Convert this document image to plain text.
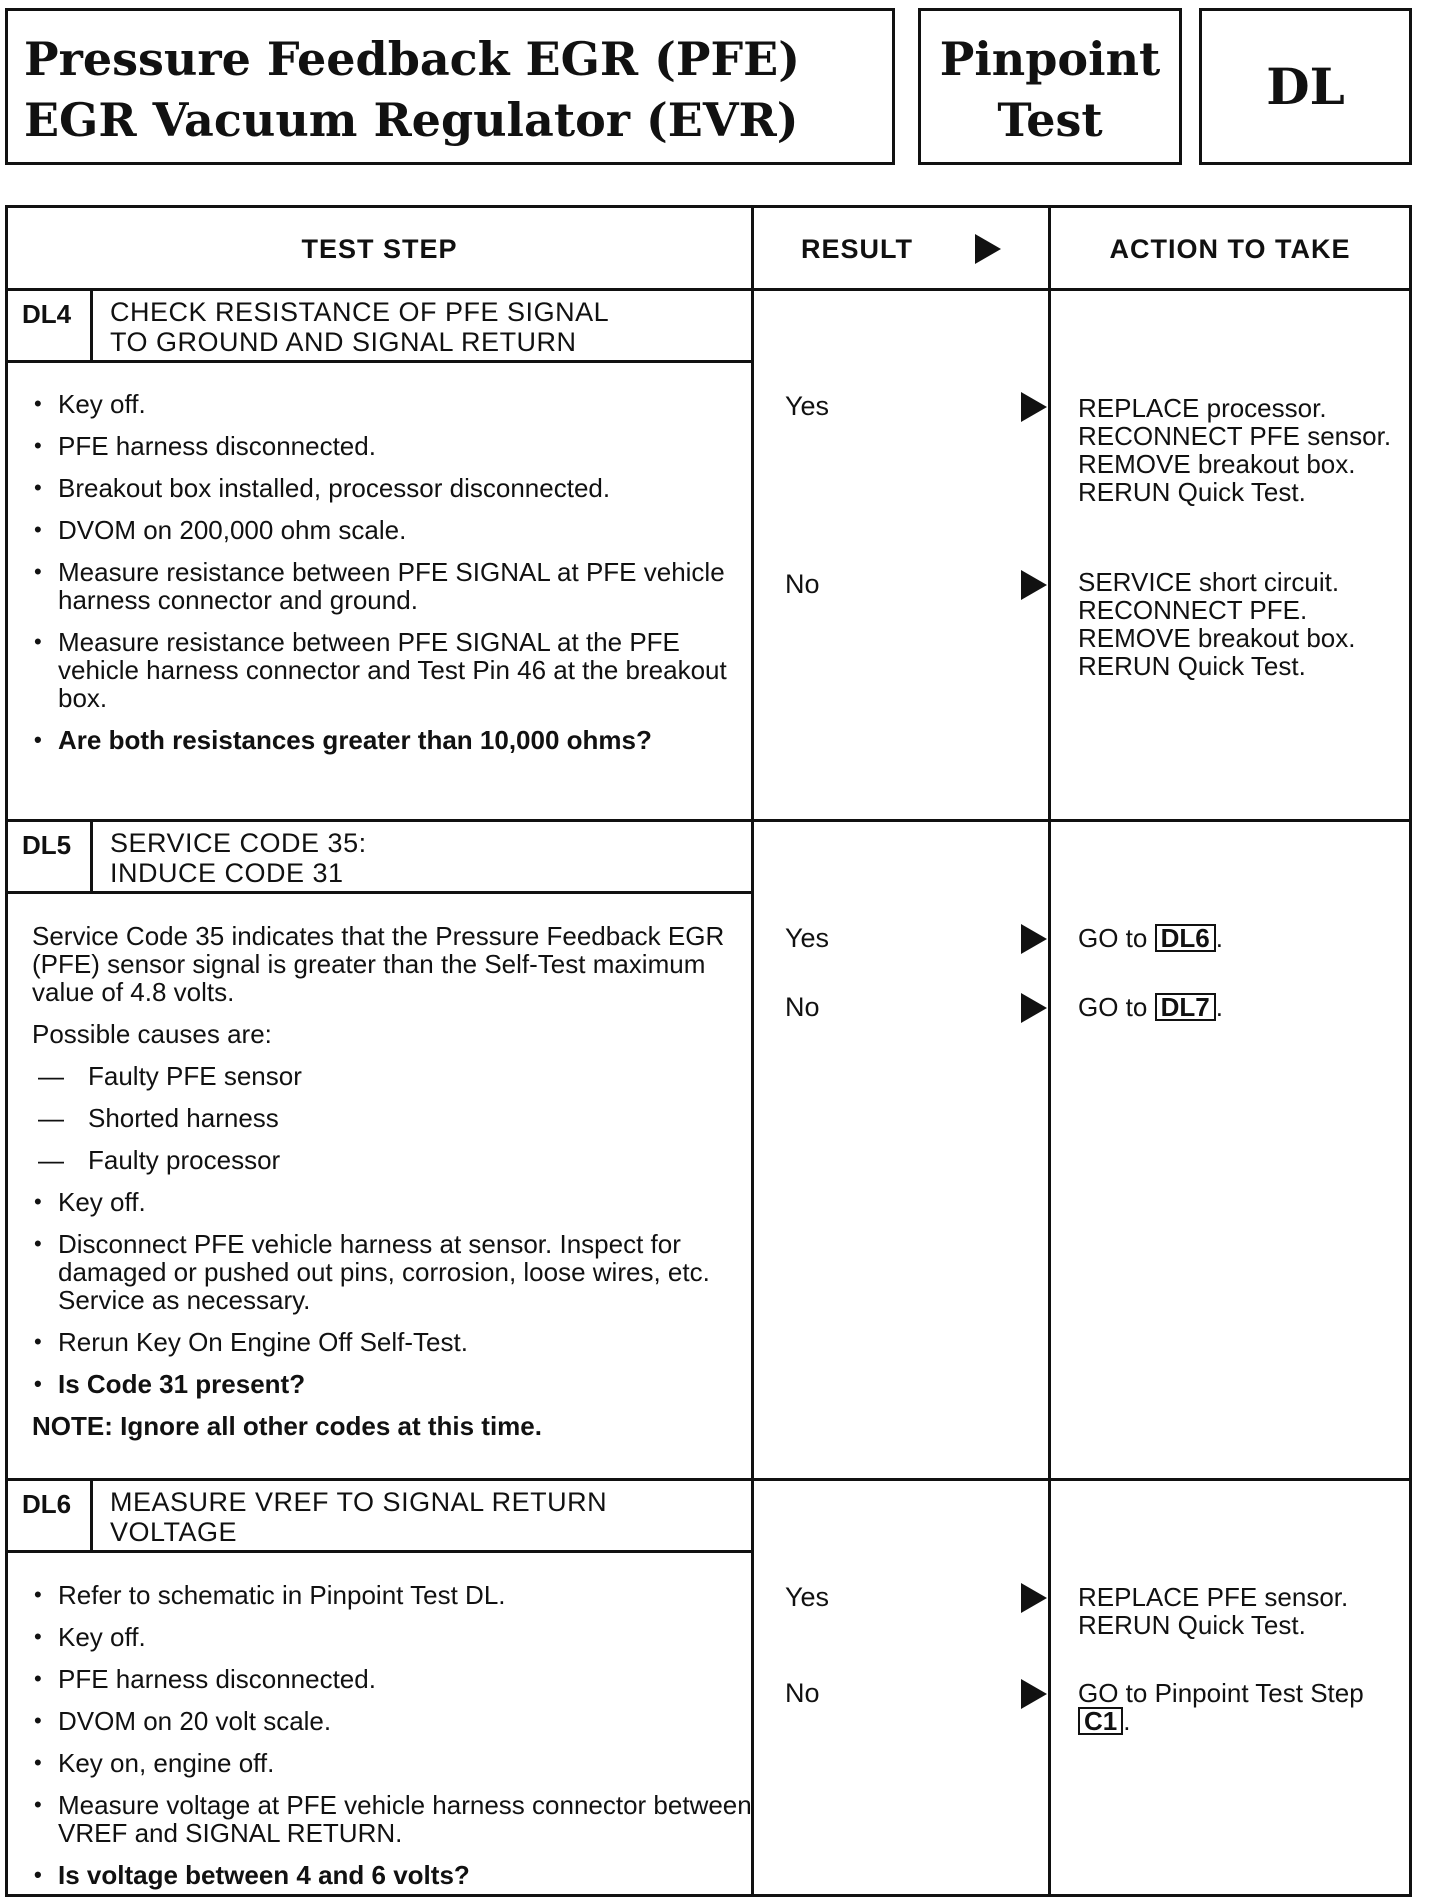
Pressure Feedback EGR (PFE)
EGR Vacuum Regulator (EVR)
Pinpoint
Test
DL
TEST STEP	RESULT	ACTION TO TAKE
DL4	CHECK RESISTANCE OF PFE SIGNAL
TO GROUND AND SIGNAL RETURN
• Key off.
• PFE harness disconnected.
• Breakout box installed, processor disconnected.
• DVOM on 200,000 ohm scale.
• Measure resistance between PFE SIGNAL at PFE vehicle harness connector and ground.
• Measure resistance between PFE SIGNAL at the PFE vehicle harness connector and Test Pin 46 at the breakout box.
• Are both resistances greater than 10,000 ohms?
Yes	REPLACE processor. RECONNECT PFE sensor. REMOVE breakout box. RERUN Quick Test.
No	SERVICE short circuit. RECONNECT PFE. REMOVE breakout box. RERUN Quick Test.
DL5	SERVICE CODE 35:
INDUCE CODE 31
Service Code 35 indicates that the Pressure Feedback EGR (PFE) sensor signal is greater than the Self-Test maximum value of 4.8 volts.
Possible causes are:
— Faulty PFE sensor
— Shorted harness
— Faulty processor
• Key off.
• Disconnect PFE vehicle harness at sensor. Inspect for damaged or pushed out pins, corrosion, loose wires, etc. Service as necessary.
• Rerun Key On Engine Off Self-Test.
• Is Code 31 present?
NOTE: Ignore all other codes at this time.
Yes	GO to DL6 .
No	GO to DL7 .
DL6	MEASURE VREF TO SIGNAL RETURN
VOLTAGE
• Refer to schematic in Pinpoint Test DL.
• Key off.
• PFE harness disconnected.
• DVOM on 20 volt scale.
• Key on, engine off.
• Measure voltage at PFE vehicle harness connector between VREF and SIGNAL RETURN.
• Is voltage between 4 and 6 volts?
Yes	REPLACE PFE sensor. RERUN Quick Test.
No	GO to Pinpoint Test Step C1 .
